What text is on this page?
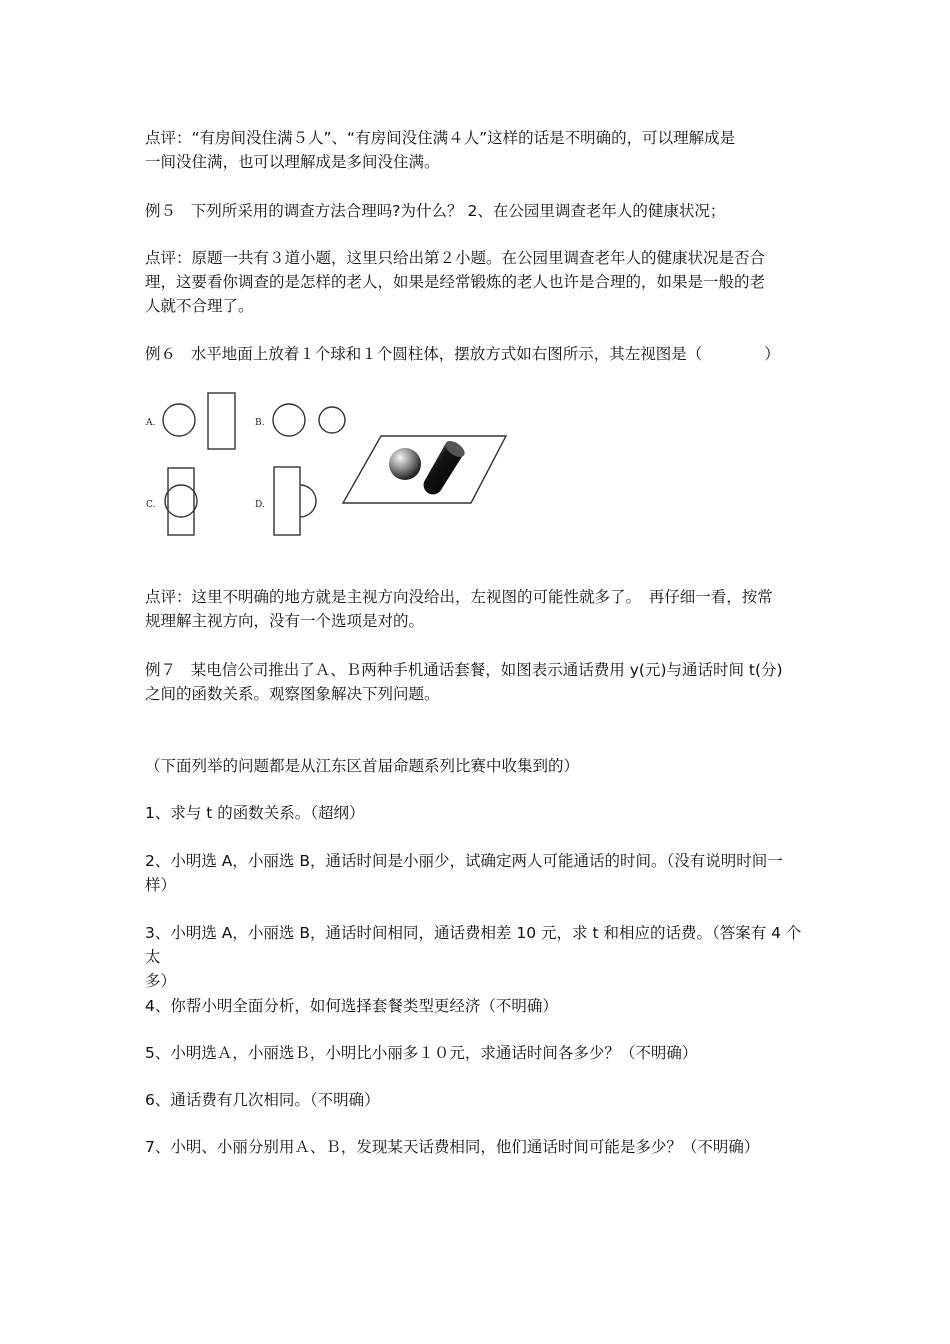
点评：“有房间没住满５人”、“有房间没住满４人”这样的话是不明确的，可以理解成是
一间没住满，也可以理解成是多间没住满。

例５ 下列所采用的调查方法合理吗?为什么？ 2、在公园里调查老年人的健康状况；

点评：原题一共有３道小题，这里只给出第２小题。在公园里调查老年人的健康状况是否合
理，这要看你调查的是怎样的老人，如果是经常锻炼的老人也许是合理的，如果是一般的老
人就不合理了。

例６ 水平地面上放着１个球和１个圆柱体，摆放方式如右图所示，其左视图是（　　　　）

A.	B.
C.	D.

点评：这里不明确的地方就是主视方向没给出，左视图的可能性就多了。　再仔细一看，按常
规理解主视方向，没有一个选项是对的。

例７ 某电信公司推出了Ａ、Ｂ两种手机通话套餐，如图表示通话费用 y(元)与通话时间 t(分)
之间的函数关系。观察图象解决下列问题。

（下面列举的问题都是从江东区首届命题系列比赛中收集到的）

1、求与 t 的函数关系。（超纲）

2、小明选 A，小丽选 B，通话时间是小丽少，试确定两人可能通话的时间。（没有说明时间一
样）

3、小明选 A，小丽选 B，通话时间相同，通话费相差 10 元，求 t 和相应的话费。（答案有 4 个太
多）

4、你帮小明全面分析，如何选择套餐类型更经济（不明确）

5、小明选Ａ，小丽选Ｂ，小明比小丽多１０元，求通话时间各多少？（不明确）

6、通话费有几次相同。（不明确）

7、小明、小丽分别用Ａ、Ｂ，发现某天话费相同，他们通话时间可能是多少？（不明确）
